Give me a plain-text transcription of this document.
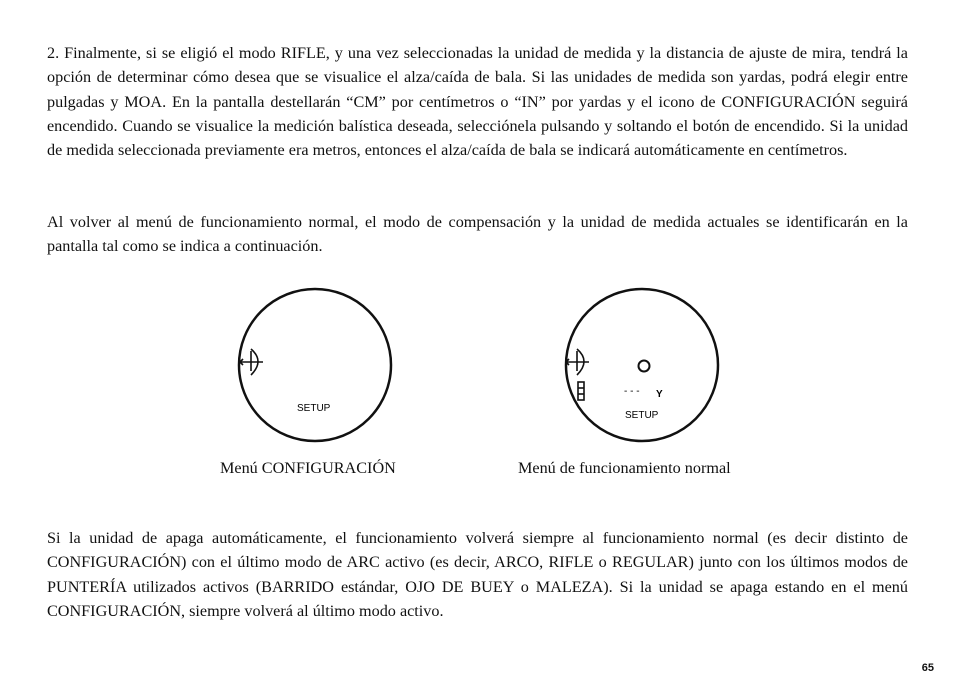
2. Finalmente, si se eligió el modo RIFLE, y una vez seleccionadas la unidad de medida y la distancia de ajuste de mira, tendrá la opción de determinar cómo desea que se visualice el alza/caída de bala. Si las unidades de medida son yardas, podrá elegir entre pulgadas y MOA. En la pantalla destellarán “CM” por centímetros o “IN” por yardas y el icono de CONFIGURACIÓN seguirá encendido. Cuando se visualice la medición balística deseada, selecciónela pulsando y soltando el botón de encendido. Si la unidad de medida seleccionada previamente era metros, entonces el alza/caída de bala se indicará automáticamente en centímetros.

Al volver al menú de funcionamiento normal, el modo de compensación y la unidad de medida actuales se identificarán en la pantalla tal como se indica a continuación.

SETUP
Menú CONFIGURACIÓN
- - - Y
SETUP
Menú de funcionamiento normal

Si la unidad de apaga automáticamente, el funcionamiento volverá siempre al funcionamiento normal (es decir distinto de CONFIGURACIÓN) con el último modo de ARC activo (es decir, ARCO, RIFLE o REGULAR) junto con los últimos modos de PUNTERÍA utilizados activos (BARRIDO estándar, OJO DE BUEY o MALEZA). Si la unidad se apaga estando en el menú CONFIGURACIÓN, siempre volverá al último modo activo.

65
